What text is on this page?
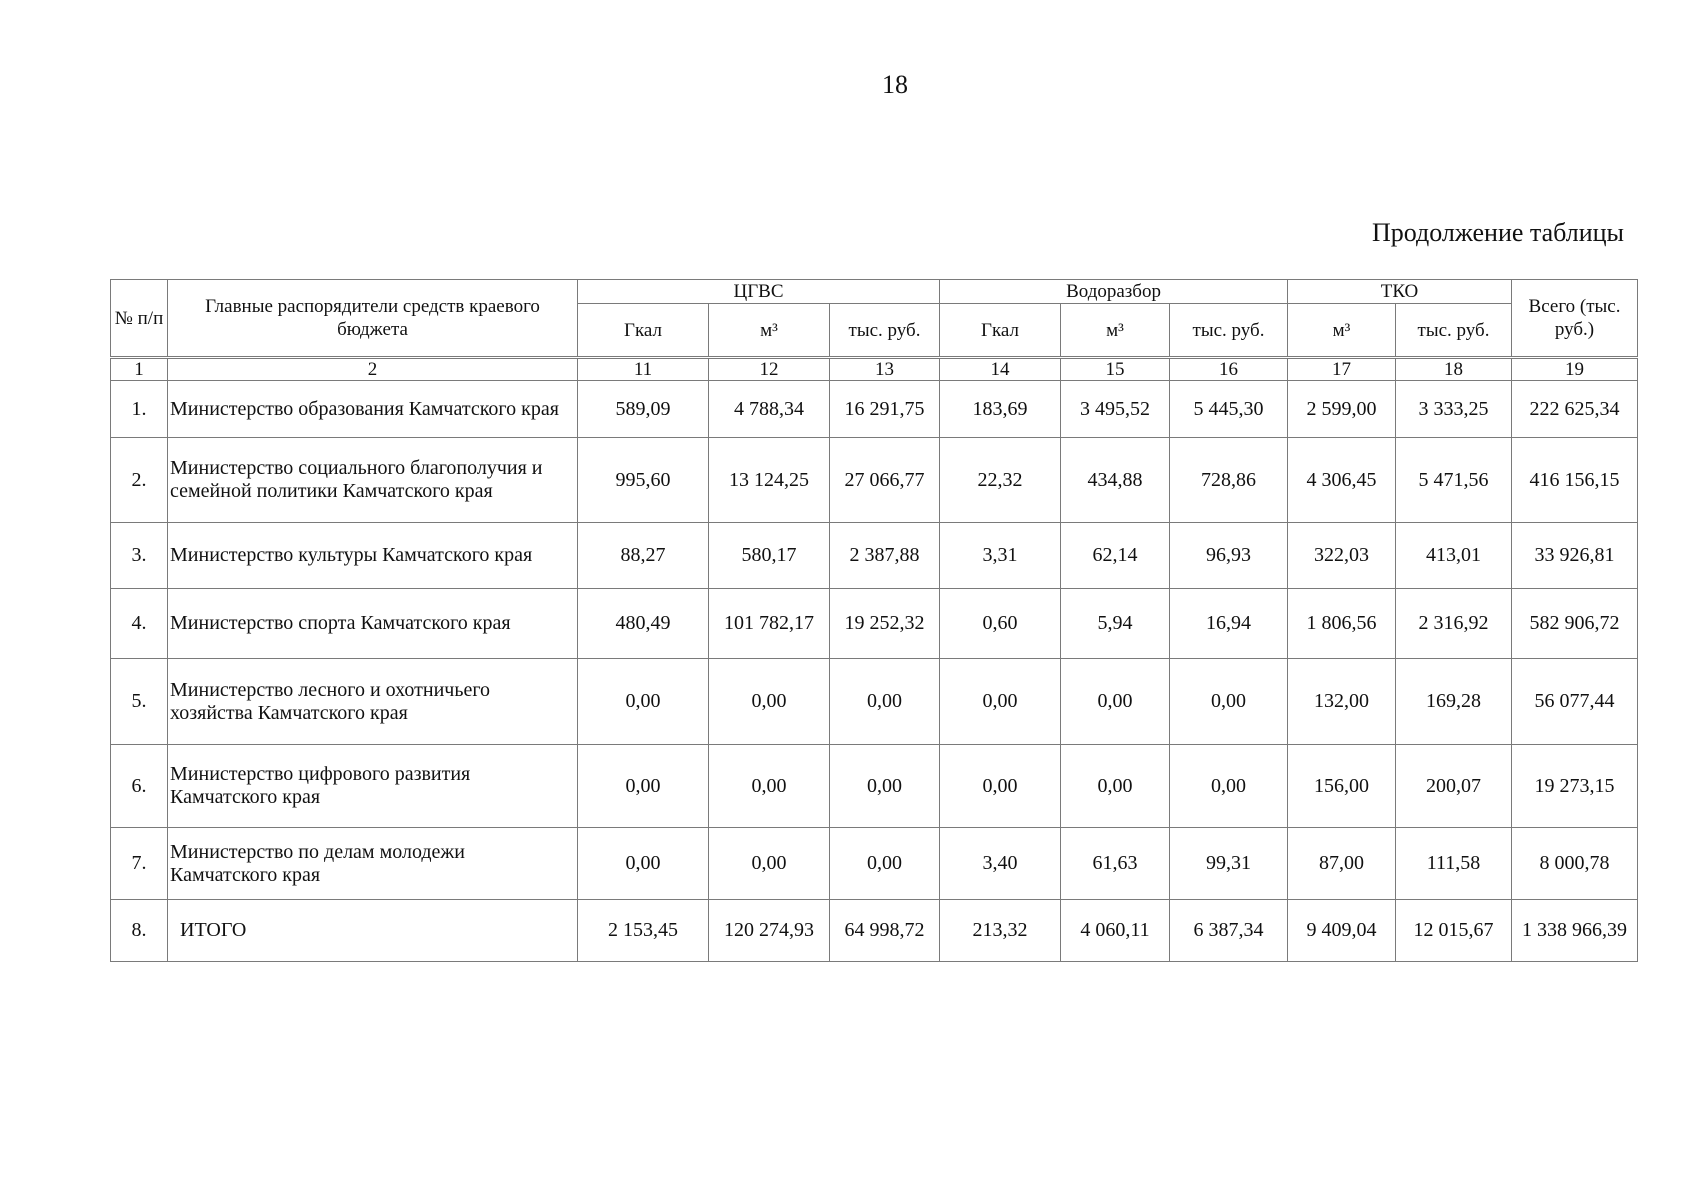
18
Продолжение таблицы
№ п/п	Главные распорядители средств краевого бюджета	ЦГВС			Водоразбор			ТКО		Всего (тыс. руб.)
		Гкал	м³	тыс. руб.	Гкал	м³	тыс. руб.	м³	тыс. руб.	
1	2	11	12	13	14	15	16	17	18	19
1.	Министерство образования Камчатского края	589,09	4 788,34	16 291,75	183,69	3 495,52	5 445,30	2 599,00	3 333,25	222 625,34
2.	Министерство социального благополучия и семейной политики Камчатского края	995,60	13 124,25	27 066,77	22,32	434,88	728,86	4 306,45	5 471,56	416 156,15
3.	Министерство культуры Камчатского края	88,27	580,17	2 387,88	3,31	62,14	96,93	322,03	413,01	33 926,81
4.	Министерство спорта Камчатского края	480,49	101 782,17	19 252,32	0,60	5,94	16,94	1 806,56	2 316,92	582 906,72
5.	Министерство лесного и охотничьего хозяйства Камчатского края	0,00	0,00	0,00	0,00	0,00	0,00	132,00	169,28	56 077,44
6.	Министерство цифрового развития Камчатского края	0,00	0,00	0,00	0,00	0,00	0,00	156,00	200,07	19 273,15
7.	Министерство по делам молодежи Камчатского края	0,00	0,00	0,00	3,40	61,63	99,31	87,00	111,58	8 000,78
8.	ИТОГО	2 153,45	120 274,93	64 998,72	213,32	4 060,11	6 387,34	9 409,04	12 015,67	1 338 966,39
